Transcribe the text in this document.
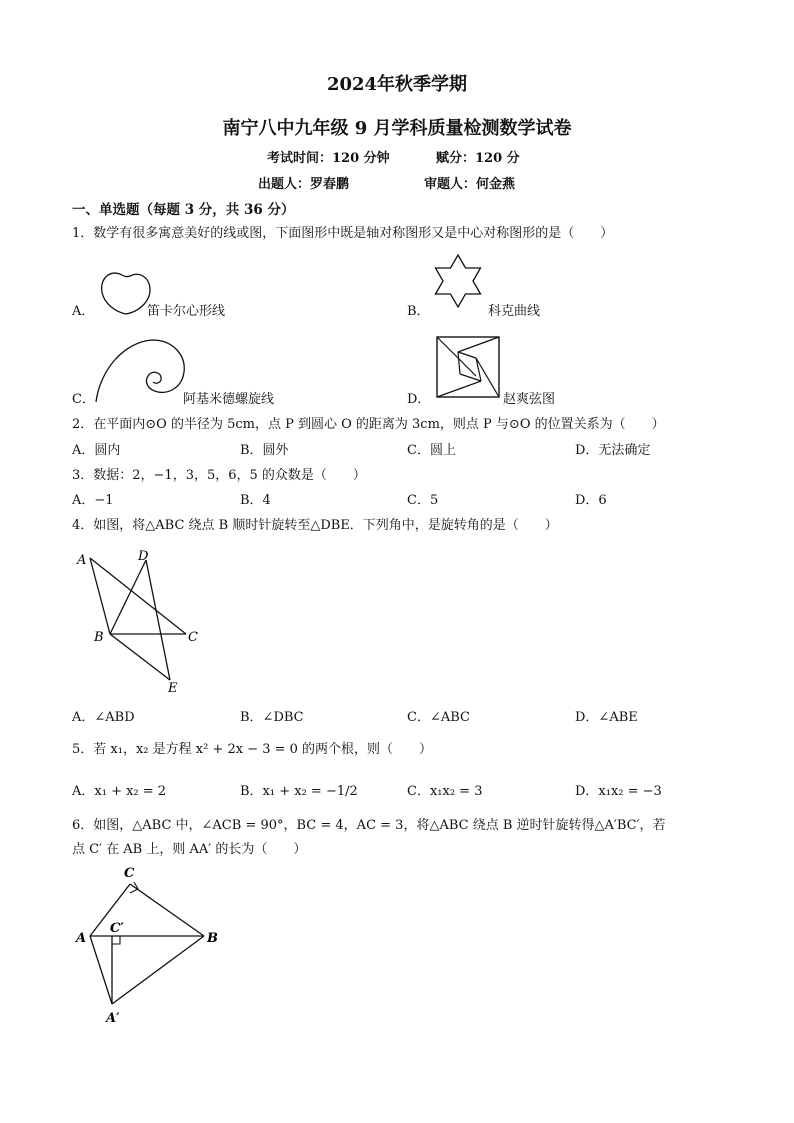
2024年秋季学期
南宁八中九年级 9 月学科质量检测数学试卷
考试时间：120 分钟	赋分：120 分
出题人：罗春鹏	审题人：何金燕
一、单选题（每题 3 分，共 36 分）
1．数学有很多寓意美好的线或图，下面图形中既是轴对称图形又是中心对称图形的是（　　）
A．	笛卡尔心形线	B．	科克曲线
C．	阿基米德螺旋线	D．	赵爽弦图
2．在平面内⊙O 的半径为 5cm，点 P 到圆心 O 的距离为 3cm，则点 P 与⊙O 的位置关系为（　　）
A．圆内	B．圆外	C．圆上	D．无法确定
3．数据：2，−1，3，5，6，5 的众数是（　　）
A．−1	B．4	C．5	D．6
4．如图，将△ABC 绕点 B 顺时针旋转至△DBE．下列角中，是旋转角的是（　　）
A	D
B	C
E
A．∠ABD	B．∠DBC	C．∠ABC	D．∠ABE
5．若 x₁，x₂ 是方程 x² + 2x − 3 = 0 的两个根，则（　　）
A．x₁ + x₂ = 2	B．x₁ + x₂ = −1/2	C．x₁x₂ = 3	D．x₁x₂ = −3
6．如图，△ABC 中，∠ACB = 90°，BC = 4，AC = 3，将△ABC 绕点 B 逆时针旋转得△A′BC′，若
点 C′ 在 AB 上，则 AA′ 的长为（　　）
C
A
C′
B
A′
